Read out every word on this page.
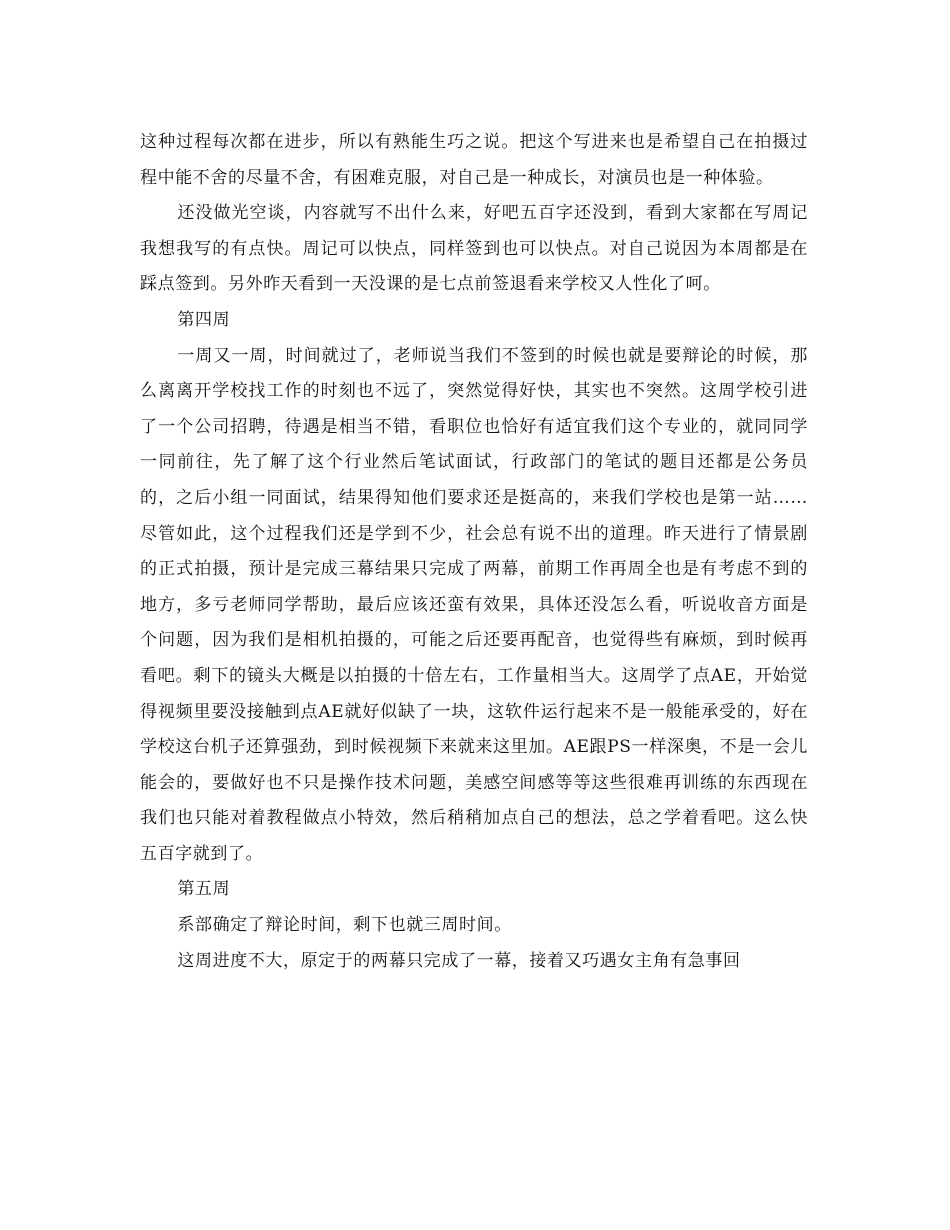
这种过程每次都在进步，所以有熟能生巧之说。把这个写进来也是希望自己在拍摄过程中能不舍的尽量不舍，有困难克服，对自己是一种成长，对演员也是一种体验。

还没做光空谈，内容就写不出什么来，好吧五百字还没到，看到大家都在写周记我想我写的有点快。周记可以快点，同样签到也可以快点。对自己说因为本周都是在踩点签到。另外昨天看到一天没课的是七点前签退看来学校又人性化了呵。

第四周

一周又一周，时间就过了，老师说当我们不签到的时候也就是要辩论的时候，那么离离开学校找工作的时刻也不远了，突然觉得好快，其实也不突然。这周学校引进了一个公司招聘，待遇是相当不错，看职位也恰好有适宜我们这个专业的，就同同学一同前往，先了解了这个行业然后笔试面试，行政部门的笔试的题目还都是公务员的，之后小组一同面试，结果得知他们要求还是挺高的，来我们学校也是第一站……尽管如此，这个过程我们还是学到不少，社会总有说不出的道理。昨天进行了情景剧的正式拍摄，预计是完成三幕结果只完成了两幕，前期工作再周全也是有考虑不到的地方，多亏老师同学帮助，最后应该还蛮有效果，具体还没怎么看，听说收音方面是个问题，因为我们是相机拍摄的，可能之后还要再配音，也觉得些有麻烦，到时候再看吧。剩下的镜头大概是以拍摄的十倍左右，工作量相当大。这周学了点AE，开始觉得视频里要没接触到点AE就好似缺了一块，这软件运行起来不是一般能承受的，好在学校这台机子还算强劲，到时候视频下来就来这里加。AE跟PS一样深奥，不是一会儿能会的，要做好也不只是操作技术问题，美感空间感等等这些很难再训练的东西现在我们也只能对着教程做点小特效，然后稍稍加点自己的想法，总之学着看吧。这么快五百字就到了。

第五周

系部确定了辩论时间，剩下也就三周时间。

这周进度不大，原定于的两幕只完成了一幕，接着又巧遇女主角有急事回
